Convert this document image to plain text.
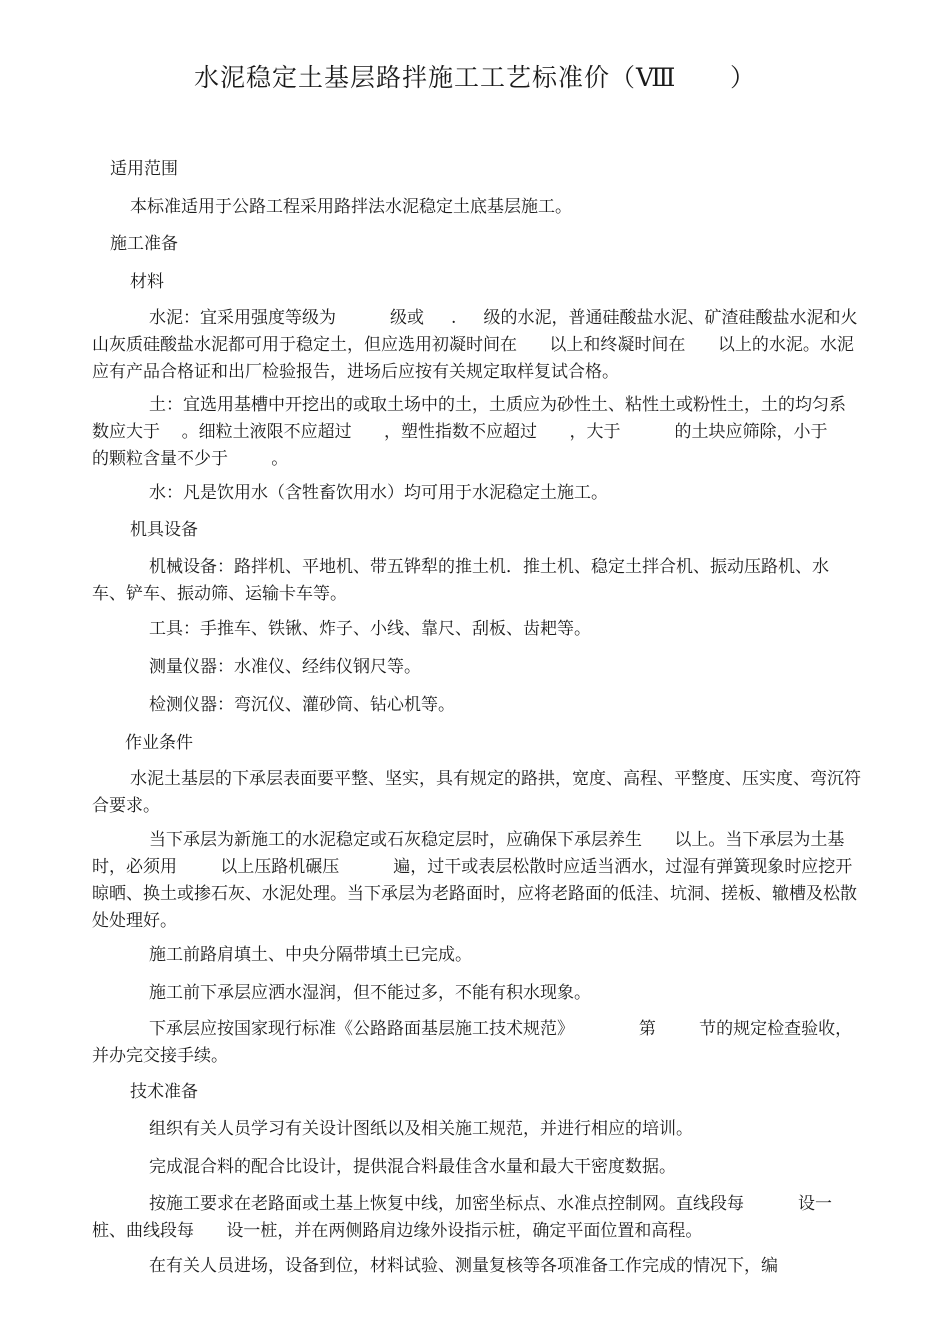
水泥稳定土基层路拌施工工艺标准价（Ⅷ      ）
适用范围
本标准适用于公路工程采用路拌法水泥稳定土底基层施工。
施工准备
材料
水泥：宜采用强度等级为          级或     .     级的水泥，普通硅酸盐水泥、矿渣硅酸盐水泥和火山灰质硅酸盐水泥都可用于稳定土，但应选用初凝时间在      以上和终凝时间在      以上的水泥。水泥应有产品合格证和出厂检验报告，进场后应按有关规定取样复试合格。
土：宜选用基槽中开挖出的或取土场中的土，土质应为砂性土、粘性土或粉性土，土的均匀系数应大于    。细粒土液限不应超过      ，塑性指数不应超过      ，大于          的土块应筛除，小于              的颗粒含量不少于        。
水：凡是饮用水（含牲畜饮用水）均可用于水泥稳定土施工。
机具设备
机械设备：路拌机、平地机、带五铧犁的推土机．推土机、稳定土拌合机、振动压路机、水车、铲车、振动筛、运输卡车等。
工具：手推车、铁锹、炸子、小线、靠尺、刮板、齿耙等。
测量仪器：水准仪、经纬仪钢尺等。
检测仪器：弯沉仪、灌砂筒、钻心机等。
作业条件
水泥土基层的下承层表面要平整、坚实，具有规定的路拱，宽度、高程、平整度、压实度、弯沉符合要求。
当下承层为新施工的水泥稳定或石灰稳定层时，应确保下承层养生      以上。当下承层为土基时，必须用        以上压路机碾压          遍，过干或表层松散时应适当洒水，过湿有弹簧现象时应挖开晾晒、换土或掺石灰、水泥处理。当下承层为老路面时，应将老路面的低洼、坑洞、搓板、辙槽及松散处处理好。
施工前路肩填土、中央分隔带填土已完成。
施工前下承层应洒水湿润，但不能过多，不能有积水现象。
下承层应按国家现行标准《公路路面基层施工技术规范》            第        节的规定检查验收，并办完交接手续。
技术准备
组织有关人员学习有关设计图纸以及相关施工规范，并进行相应的培训。
完成混合料的配合比设计，提供混合料最佳含水量和最大干密度数据。
按施工要求在老路面或土基上恢复中线，加密坐标点、水准点控制网。直线段每          设一桩、曲线段每      设一桩，并在两侧路肩边缘外设指示桩，确定平面位置和高程。
在有关人员进场，设备到位，材料试验、测量复核等各项准备工作完成的情况下，编
